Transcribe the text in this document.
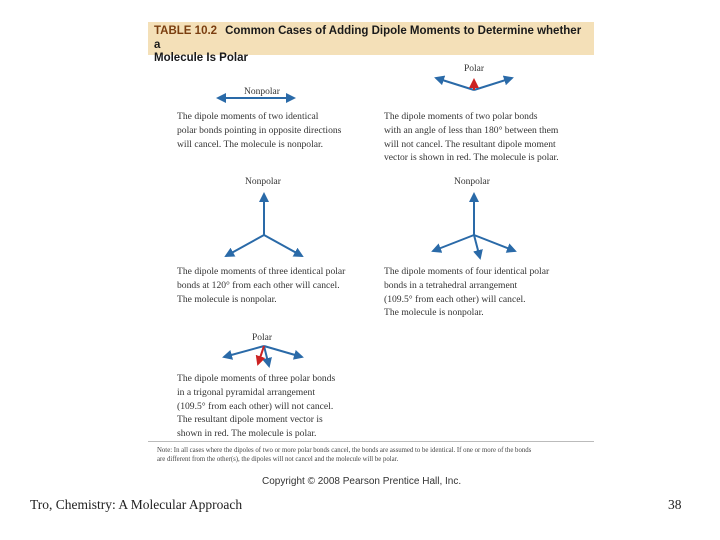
TABLE 10.2 Common Cases of Adding Dipole Moments to Determine whether a
Molecule Is Polar
Nonpolar
The dipole moments of two identical
polar bonds pointing in opposite directions
will cancel. The molecule is nonpolar.
Polar
The dipole moments of two polar bonds
with an angle of less than 180° between them
will not cancel. The resultant dipole moment
vector is shown in red. The molecule is polar.
Nonpolar
The dipole moments of three identical polar
bonds at 120° from each other will cancel.
The molecule is nonpolar.
Nonpolar
The dipole moments of four identical polar
bonds in a tetrahedral arrangement
(109.5° from each other) will cancel.
The molecule is nonpolar.
Polar
The dipole moments of three polar bonds
in a trigonal pyramidal arrangement
(109.5° from each other) will not cancel.
The resultant dipole moment vector is
shown in red. The molecule is polar.
Note: In all cases where the dipoles of two or more polar bonds cancel, the bonds are assumed to be identical. If one or more of the bonds
are different from the other(s), the dipoles will not cancel and the molecule will be polar.
Copyright © 2008 Pearson Prentice Hall, Inc.
Tro, Chemistry: A Molecular Approach	38
